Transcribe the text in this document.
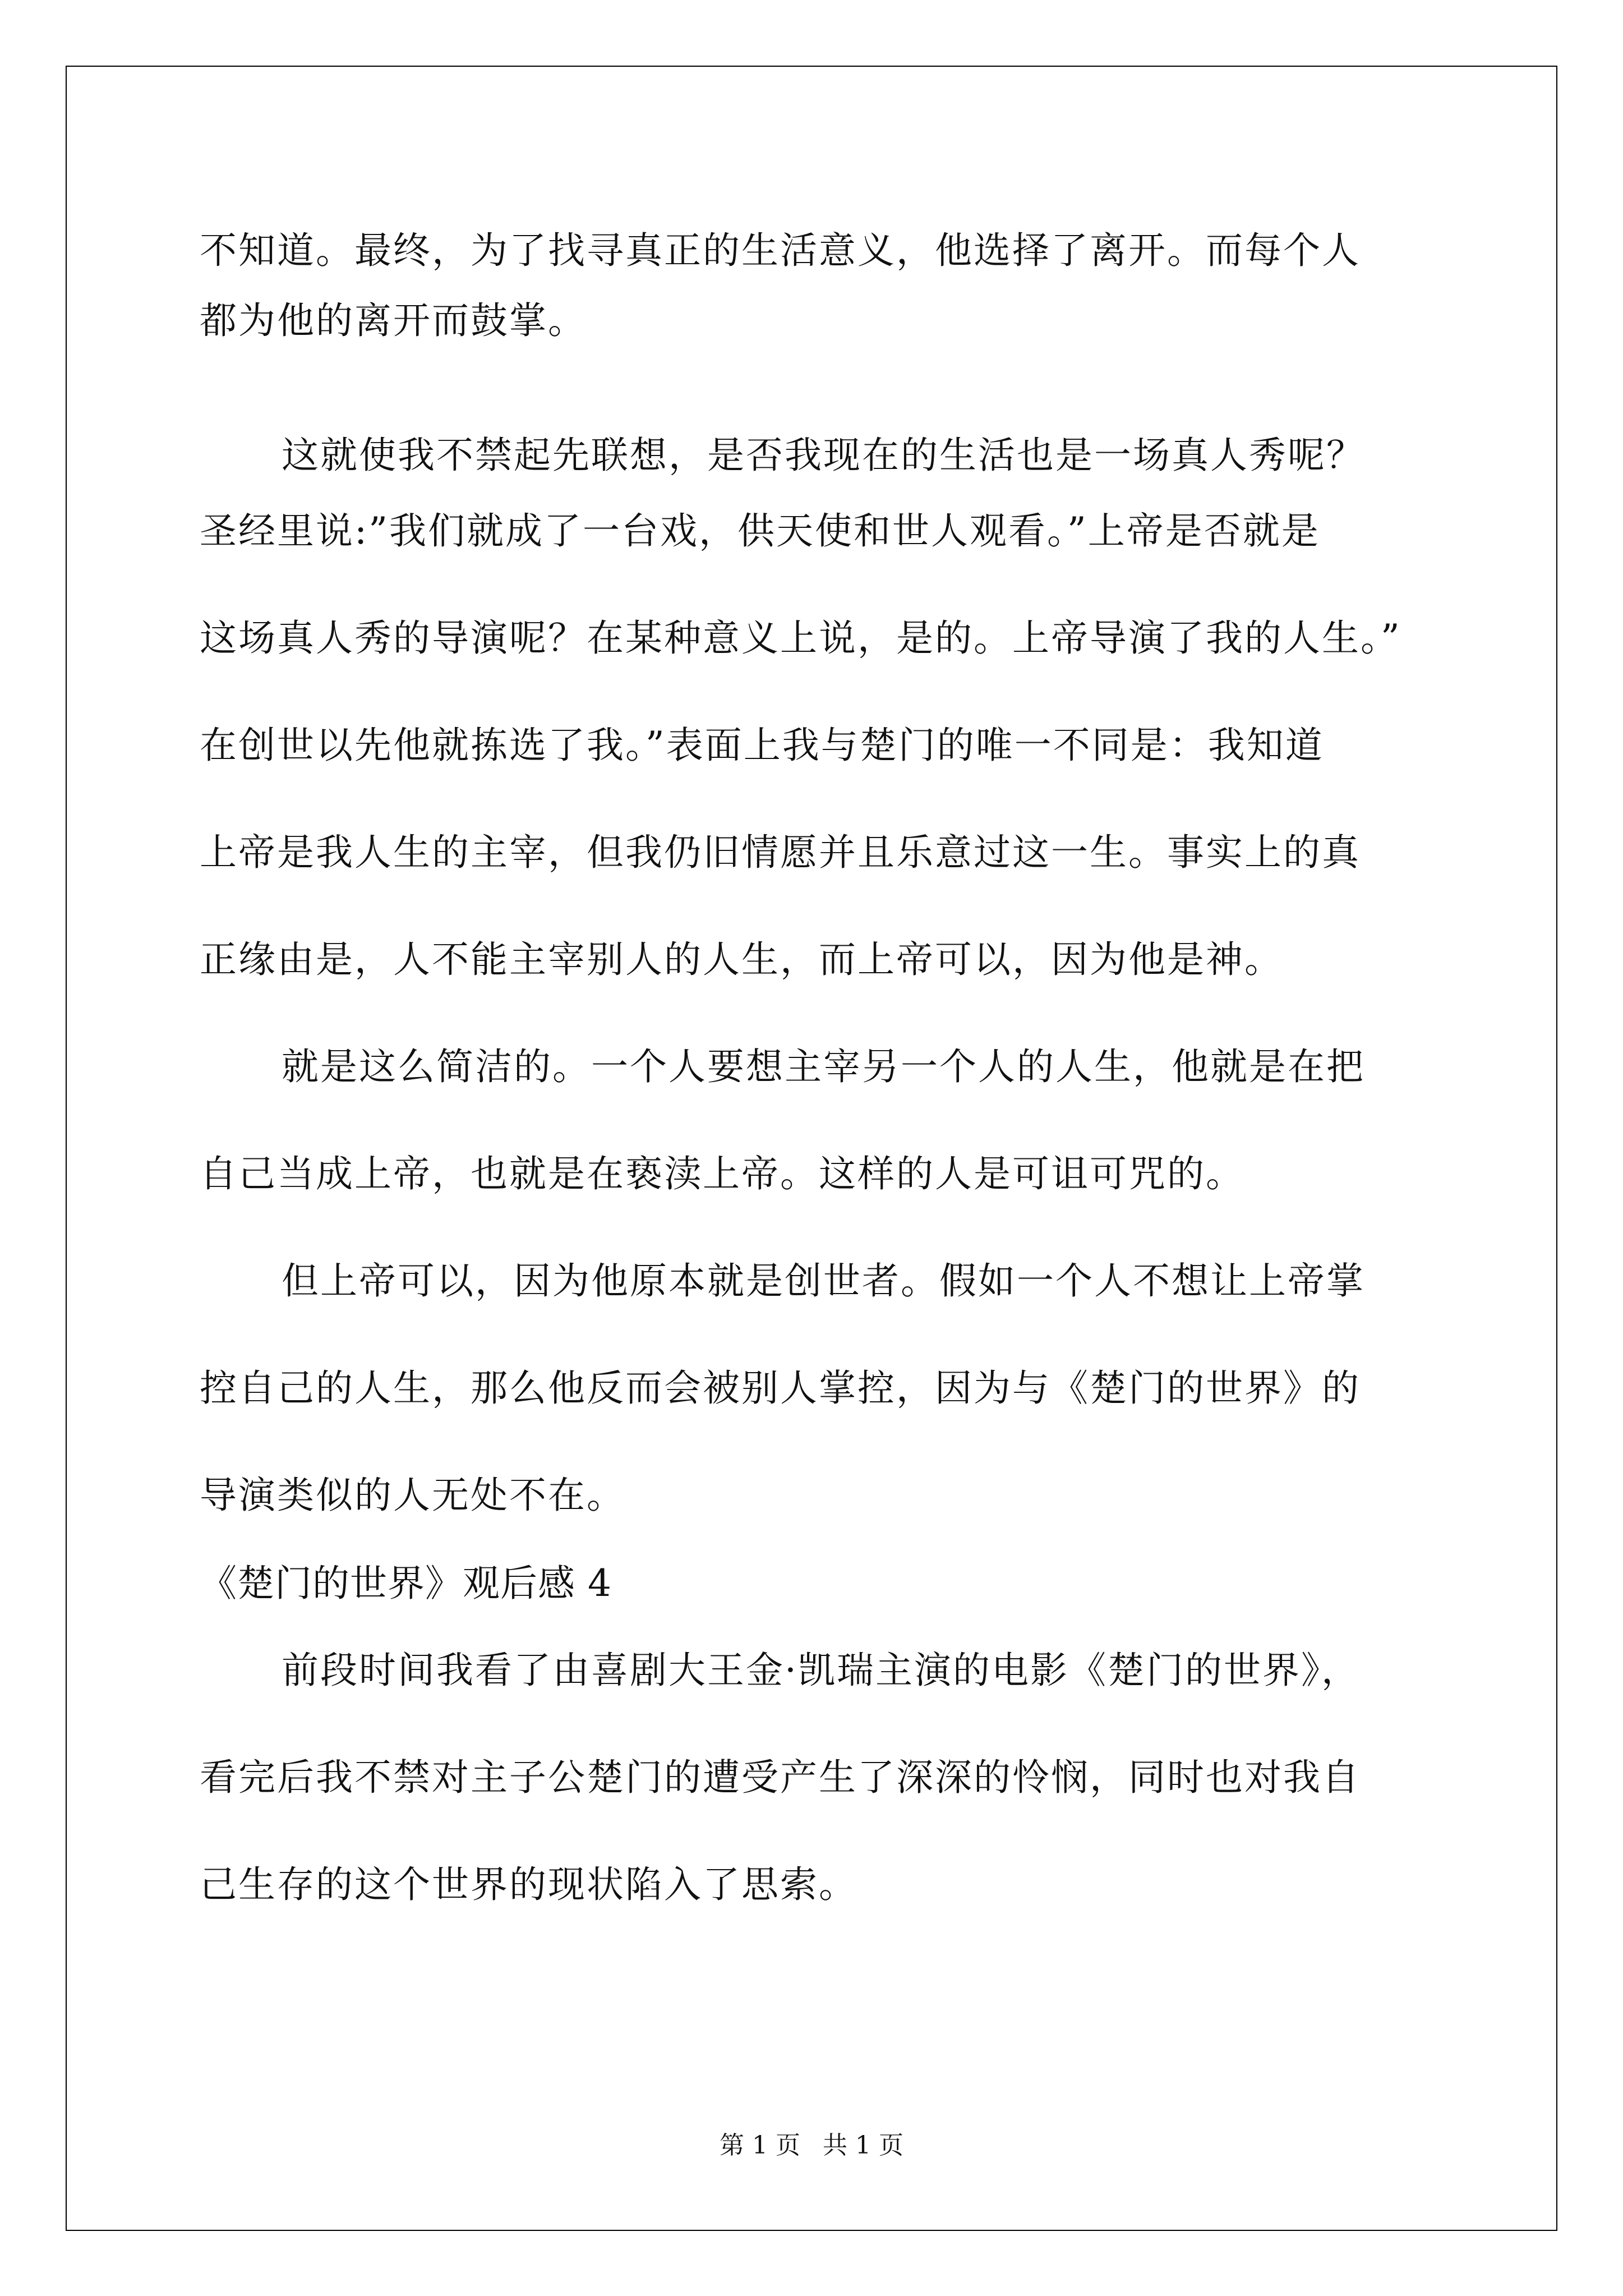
不知道。最终，为了找寻真正的生活意义，他选择了离开。而每个人

都为他的离开而鼓掌。

这就使我不禁起先联想，是否我现在的生活也是一场真人秀呢？

圣经里说:”我们就成了一台戏，供天使和世人观看。”上帝是否就是

这场真人秀的导演呢？在某种意义上说，是的。上帝导演了我的人生。”

在创世以先他就拣选了我。”表面上我与楚门的唯一不同是：我知道

上帝是我人生的主宰，但我仍旧情愿并且乐意过这一生。事实上的真

正缘由是，人不能主宰别人的人生，而上帝可以，因为他是神。

就是这么简洁的。一个人要想主宰另一个人的人生，他就是在把

自己当成上帝，也就是在亵渎上帝。这样的人是可诅可咒的。

但上帝可以，因为他原本就是创世者。假如一个人不想让上帝掌

控自己的人生，那么他反而会被别人掌控，因为与《楚门的世界》的

导演类似的人无处不在。

《楚门的世界》观后感 4

前段时间我看了由喜剧大王金·凯瑞主演的电影《楚门的世界》，

看完后我不禁对主子公楚门的遭受产生了深深的怜悯，同时也对我自

己生存的这个世界的现状陷入了思索。

第 1 页 共 1 页
